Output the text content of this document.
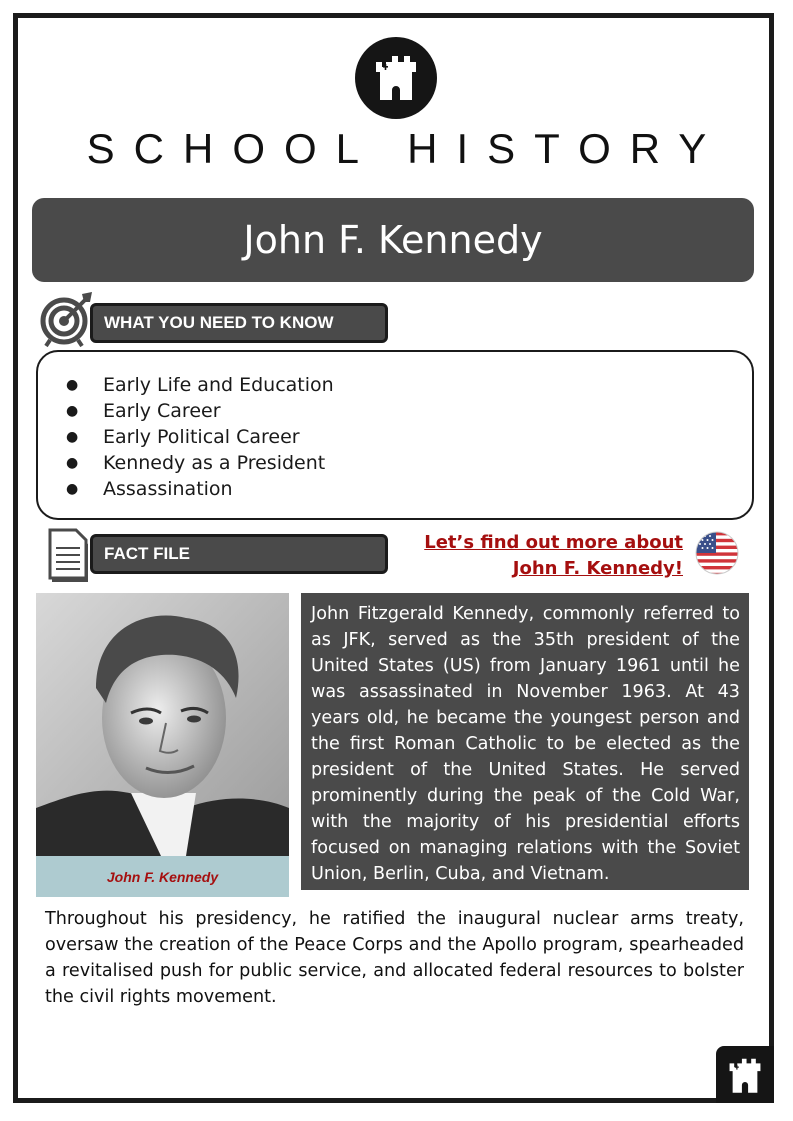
SCHOOL HISTORY
John F. Kennedy
WHAT YOU NEED TO KNOW
●	Early Life and Education
●	Early Career
●	Early Political Career
●	Kennedy as a President
●	Assassination
FACT FILE
Let’s find out more about
John F. Kennedy!
John F. Kennedy
John Fitzgerald Kennedy, commonly referred to as JFK, served as the 35th president of the United States (US) from January 1961 until he was assassinated in November 1963. At 43 years old, he became the youngest person and the first Roman Catholic to be elected as the president of the United States. He served prominently during the peak of the Cold War, with the majority of his presidential efforts focused on managing relations with the Soviet Union, Berlin, Cuba, and Vietnam.
Throughout his presidency, he ratified the inaugural nuclear arms treaty, oversaw the creation of the Peace Corps and the Apollo program, spearheaded a revitalised push for public service, and allocated federal resources to bolster the civil rights movement.
